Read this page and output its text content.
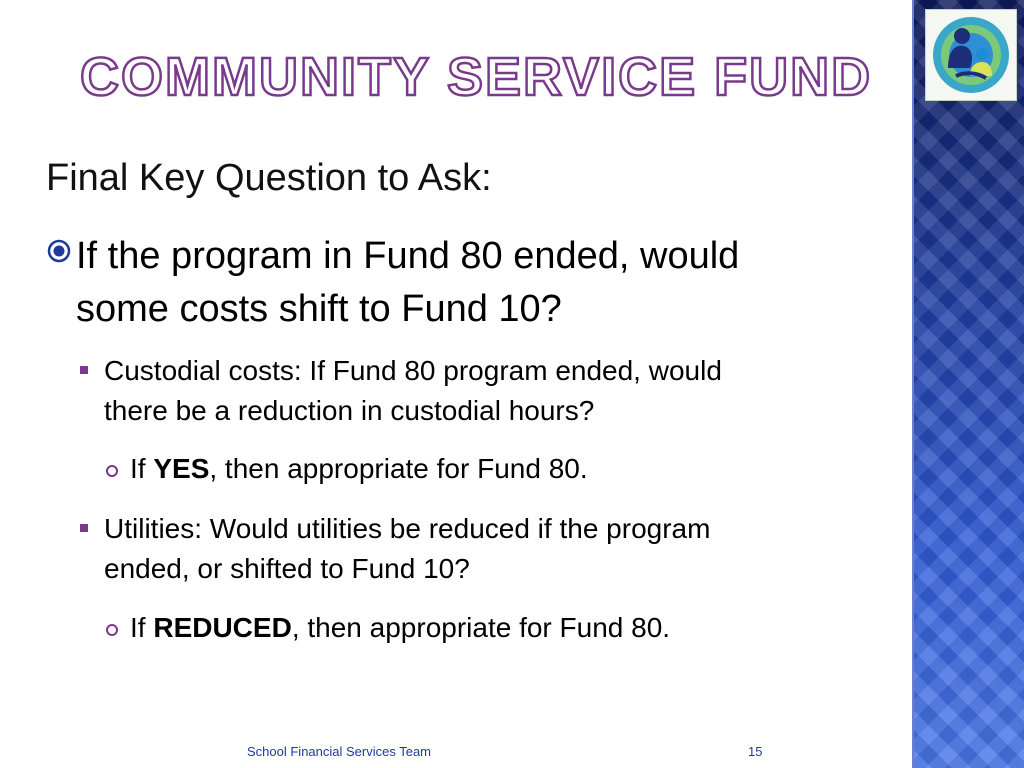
COMMUNITY SERVICE FUND
Final Key Question to Ask:
If the program in Fund 80 ended, would
some costs shift to Fund 10?
Custodial costs: If Fund 80 program ended, would
there be a reduction in custodial hours?
If YES, then appropriate for Fund 80.
Utilities: Would utilities be reduced if the program
ended, or shifted to Fund 10?
If REDUCED, then appropriate for Fund 80.
School Financial Services Team	15
